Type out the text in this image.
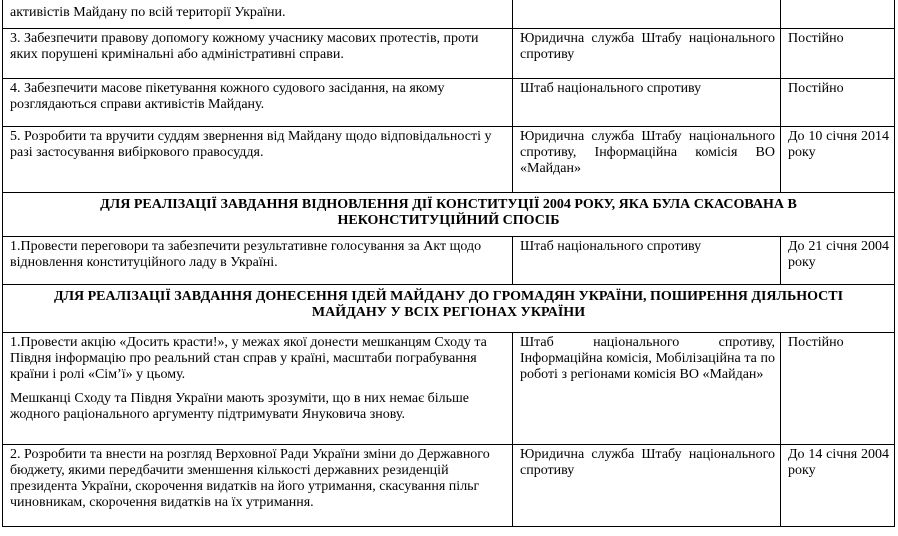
активістів Майдану по всій території України.		
3. Забезпечити правову допомогу кожному учаснику масових протестів, проти яких порушені кримінальні або адміністративні справи.	Юридична служба Штабу національного спротиву	Постійно
4. Забезпечити масове пікетування кожного судового засідання, на якому розглядаються справи активістів Майдану.	Штаб національного спротиву	Постійно
5. Розробити та вручити суддям звернення від Майдану щодо відповідальності у разі застосування вибіркового правосуддя.	Юридична служба Штабу національного спротиву, Інформаційна комісія ВО «Майдан»	До 10 січня 2014 року

ДЛЯ РЕАЛІЗАЦІЇ ЗАВДАННЯ ВІДНОВЛЕННЯ ДІЇ КОНСТИТУЦІЇ 2004 РОКУ, ЯКА БУЛА СКАСОВАНА В
НЕКОНСТИТУЦІЙНИЙ СПОСІБ		

1.Провести переговори та забезпечити результативне голосування за Акт щодо відновлення конституційного ладу в Україні.	Штаб національного спротиву	До 21 січня 2004 року

ДЛЯ РЕАЛІЗАЦІЇ ЗАВДАННЯ ДОНЕСЕННЯ ІДЕЙ МАЙДАНУ ДО ГРОМАДЯН УКРАЇНИ, ПОШИРЕННЯ ДІЯЛЬНОСТІ
МАЙДАНУ У ВСІХ РЕГІОНАХ УКРАЇНИ		

1.Провести акцію «Досить красти!», у межах якої донести мешканцям Сходу та Півдня інформацію про реальний стан справ у країні, масштаби пограбування країни і ролі «Сім’ї» у цьому.

Мешканці Сходу та Півдня України мають зрозуміти, що в них немає більше жодного раціонального аргументу підтримувати Януковича знову.	Штаб національного спротиву, Інформаційна комісія, Мобілізаційна та по роботі з регіонами комісія ВО «Майдан»	Постійно
2. Розробити та внести на розгляд Верховної Ради України зміни до Державного бюджету, якими передбачити зменшення кількості державних резиденцій президента України, скорочення видатків на його утримання, скасування пільг чиновникам, скорочення видатків на їх утримання.	Юридична служба Штабу національного спротиву	До 14 січня 2004 року
